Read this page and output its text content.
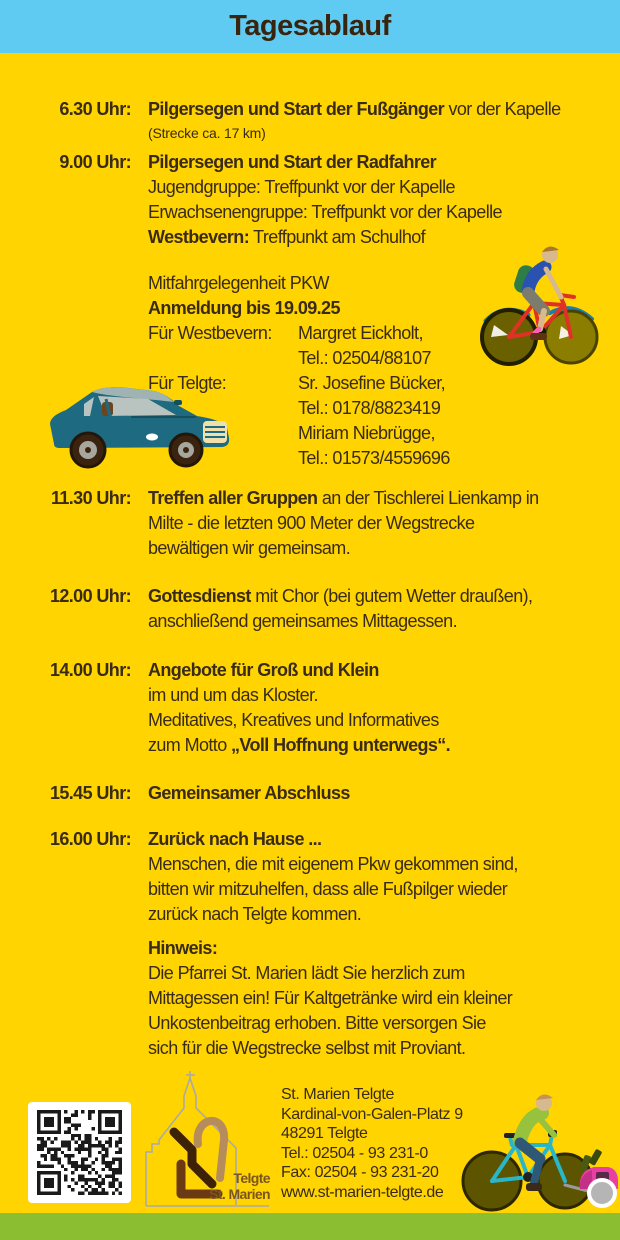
Tagesablauf
6.30 Uhr: Pilgersegen und Start der Fußgänger vor der Kapelle
(Strecke ca. 17 km)
9.00 Uhr: Pilgersegen und Start der Radfahrer
Jugendgruppe: Treffpunkt vor der Kapelle
Erwachsenengruppe: Treffpunkt vor der Kapelle
Westbevern: Treffpunkt am Schulhof
Mitfahrgelegenheit PKW
Anmeldung bis 19.09.25
Für Westbevern:	Margret Eickholt,
Tel.: 02504/88107
Für Telgte:	Sr. Josefine Bücker,
Tel.: 0178/8823419
Miriam Niebrügge,
Tel.: 01573/4559696
11.30 Uhr: Treffen aller Gruppen an der Tischlerei Lienkamp in
Milte - die letzten 900 Meter der Wegstrecke
bewältigen wir gemeinsam.
12.00 Uhr: Gottesdienst mit Chor (bei gutem Wetter draußen),
anschließend gemeinsames Mittagessen.
14.00 Uhr: Angebote für Groß und Klein
im und um das Kloster.
Meditatives, Kreatives und Informatives
zum Motto „Voll Hoffnung unterwegs“.
15.45 Uhr: Gemeinsamer Abschluss
16.00 Uhr: Zurück nach Hause ...
Menschen, die mit eigenem Pkw gekommen sind,
bitten wir mitzuhelfen, dass alle Fußpilger wieder
zurück nach Telgte kommen.
Hinweis:
Die Pfarrei St. Marien lädt Sie herzlich zum
Mittagessen ein! Für Kaltgetränke wird ein kleiner
Unkostenbeitrag erhoben. Bitte versorgen Sie
sich für die Wegstrecke selbst mit Proviant.
Telgte
St. Marien
St. Marien Telgte
Kardinal-von-Galen-Platz 9
48291 Telgte
Tel.: 02504 - 93 231-0
Fax: 02504 - 93 231-20
www.st-marien-telgte.de
